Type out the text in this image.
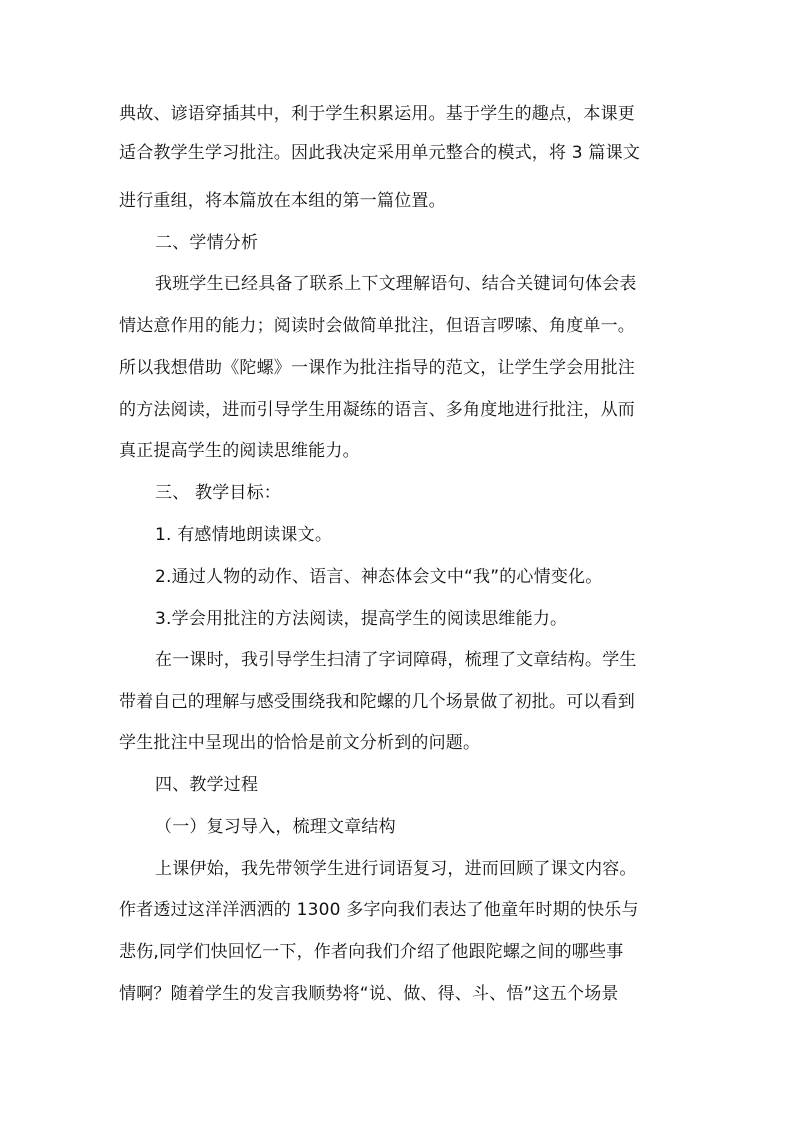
典故、谚语穿插其中，利于学生积累运用。基于学生的趣点，本课更
适合教学生学习批注。因此我决定采用单元整合的模式，将 3 篇课文
进行重组，将本篇放在本组的第一篇位置。
二、学情分析
我班学生已经具备了联系上下文理解语句、结合关键词句体会表
情达意作用的能力；阅读时会做简单批注，但语言啰嗦、角度单一。
所以我想借助《陀螺》一课作为批注指导的范文，让学生学会用批注
的方法阅读，进而引导学生用凝练的语言、多角度地进行批注，从而
真正提高学生的阅读思维能力。
三、 教学目标：
1. 有感情地朗读课文。
2.通过人物的动作、语言、神态体会文中“我”的心情变化。
3.学会用批注的方法阅读，提高学生的阅读思维能力。
在一课时，我引导学生扫清了字词障碍，梳理了文章结构。学生
带着自己的理解与感受围绕我和陀螺的几个场景做了初批。可以看到
学生批注中呈现出的恰恰是前文分析到的问题。
四、教学过程
（一）复习导入，梳理文章结构
上课伊始，我先带领学生进行词语复习，进而回顾了课文内容。
作者透过这洋洋洒洒的 1300 多字向我们表达了他童年时期的快乐与
悲伤,同学们快回忆一下，作者向我们介绍了他跟陀螺之间的哪些事
情啊？随着学生的发言我顺势将“说、做、得、斗、悟”这五个场景
